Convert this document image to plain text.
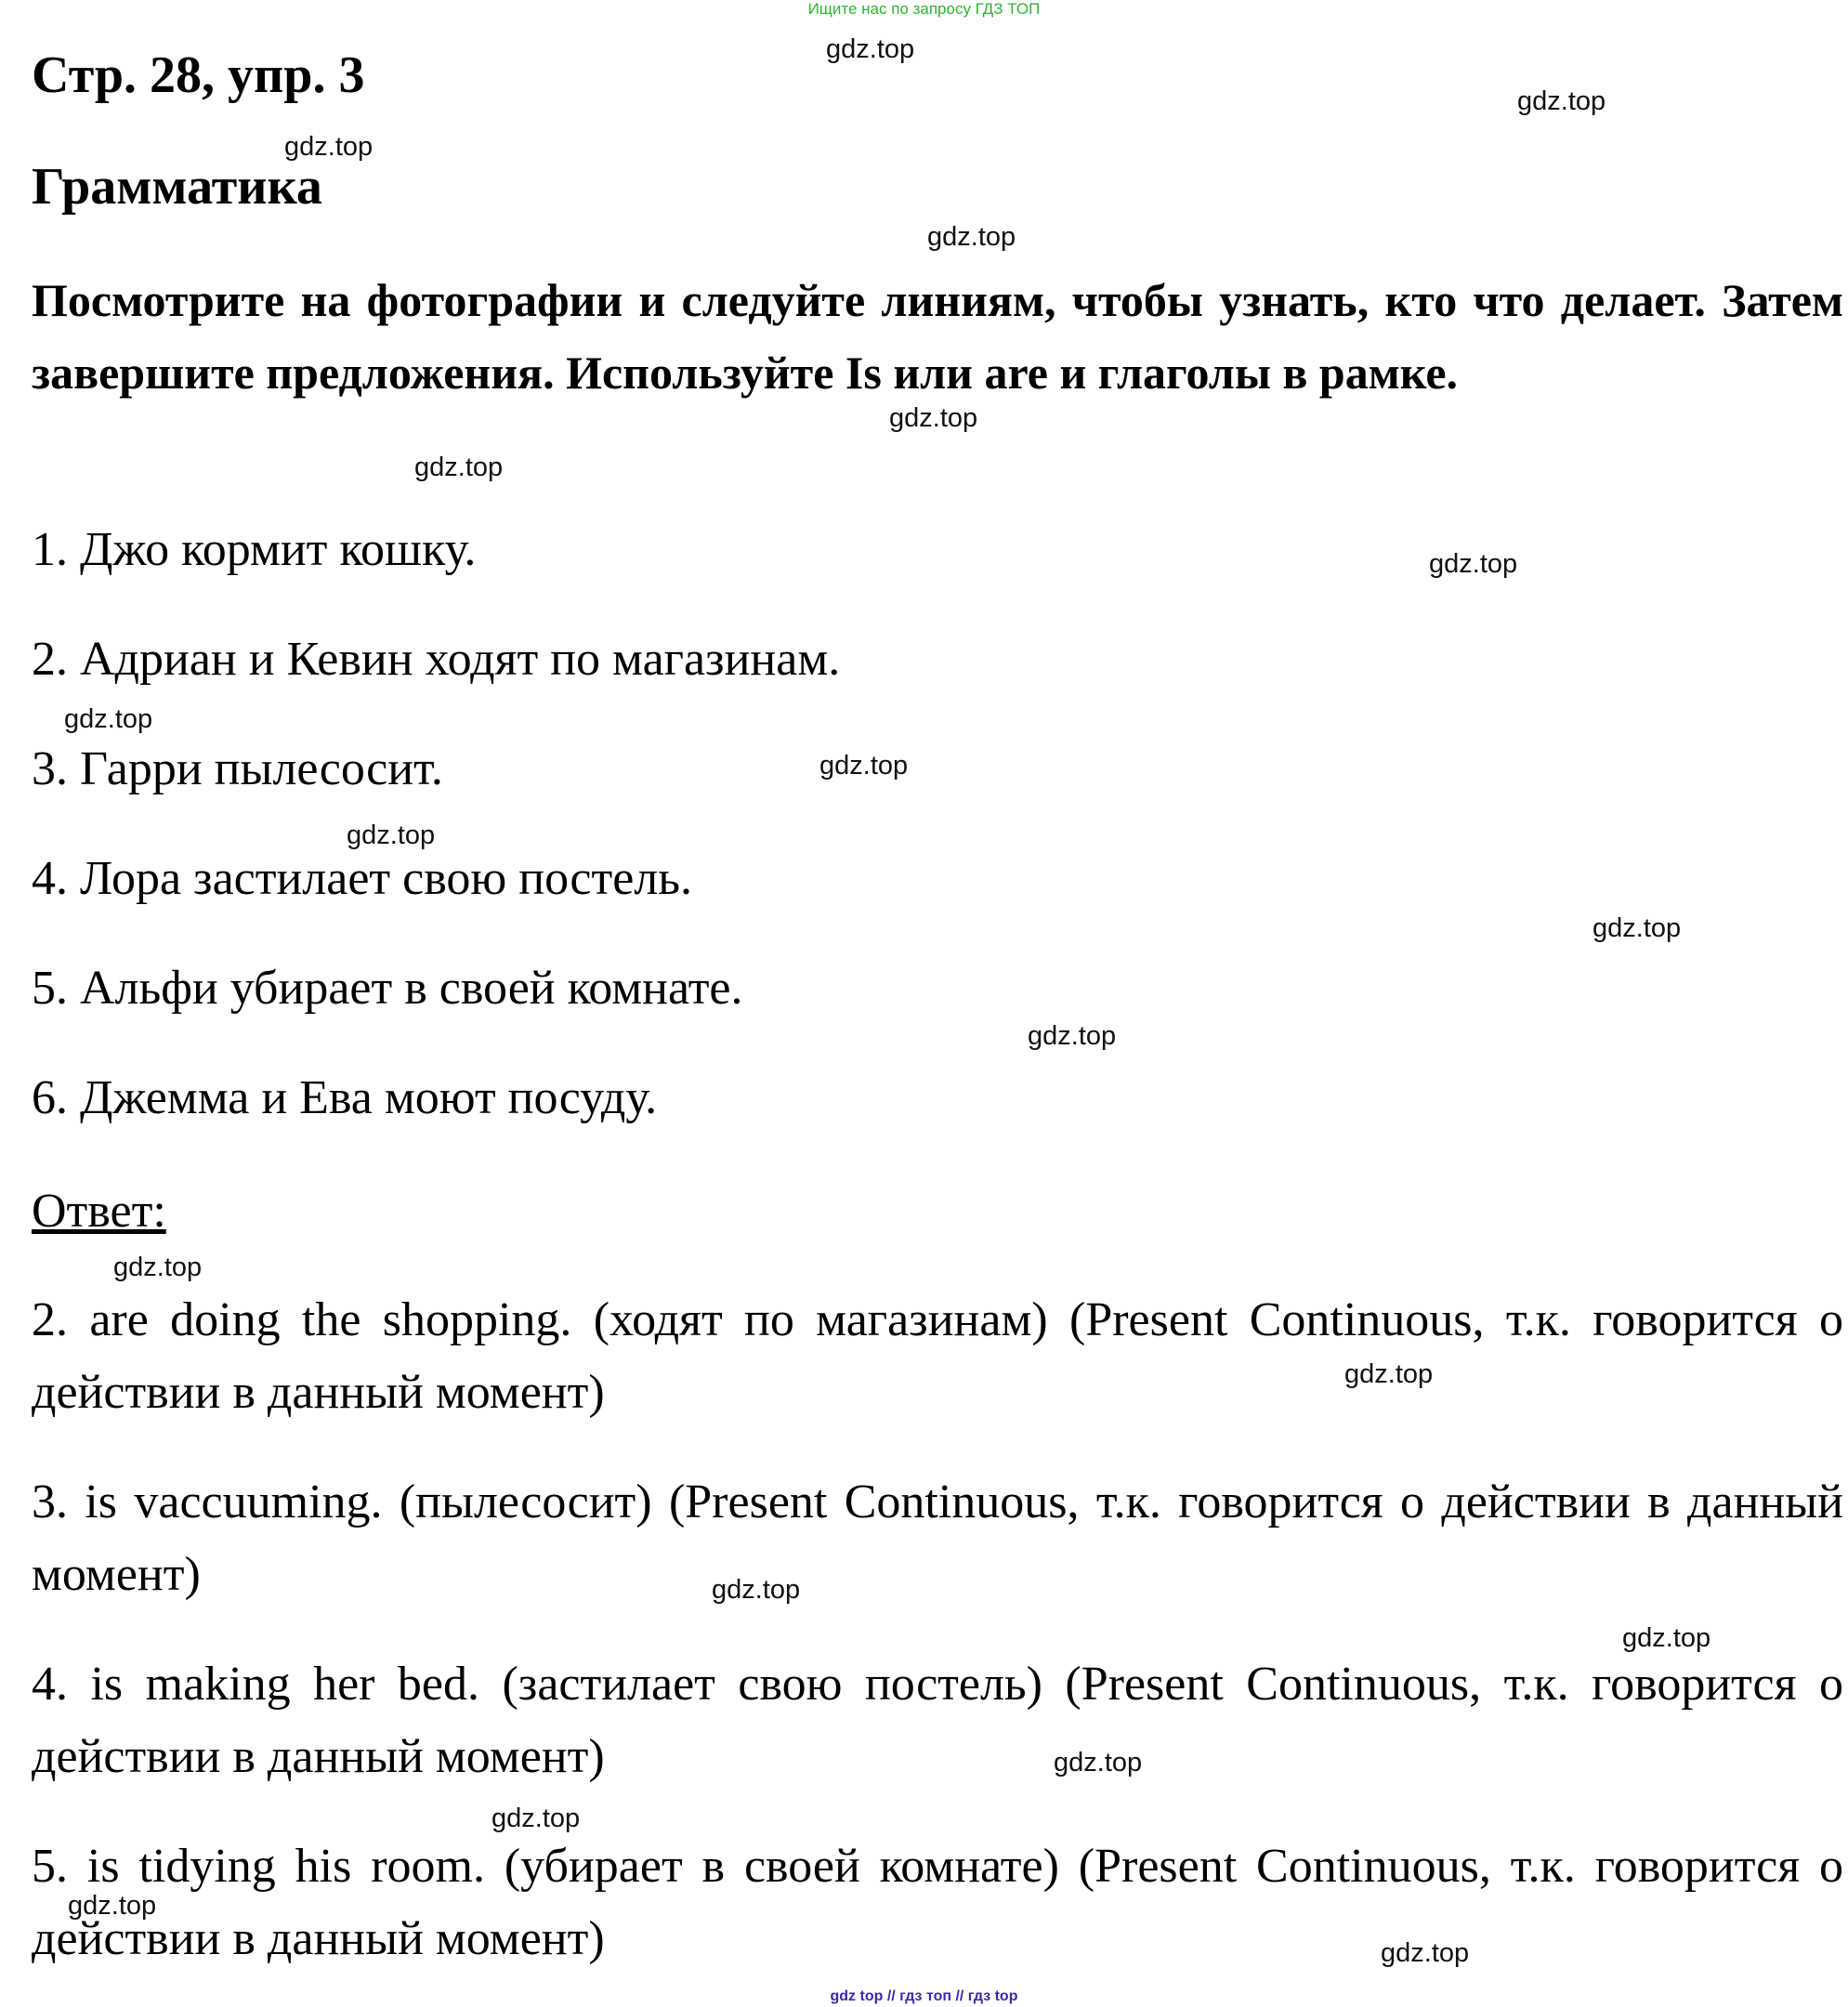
Ищите нас по запросу ГДЗ ТОП
Стр. 28, упр. 3
Грамматика
Посмотрите на фотографии и следуйте линиям, чтобы узнать, кто что делает. Затем завершите предложения. Используйте Is или are и глаголы в рамке.
1. Джо кормит кошку.
2. Адриан и Кевин ходят по магазинам.
3. Гарри пылесосит.
4. Лора застилает свою постель.
5. Альфи убирает в своей комнате.
6. Джемма и Ева моют посуду.
Ответ:
2. are doing the shopping. (ходят по магазинам) (Present Continuous, т.к. говорится о действии в данный момент)
3. is vaccuuming. (пылесосит) (Present Continuous, т.к. говорится о действии в данный момент)
4. is making her bed. (застилает свою постель) (Present Continuous, т.к. говорится о действии в данный момент)
5. is tidying his room. (убирает в своей комнате) (Present Continuous, т.к. говорится о действии в данный момент)
gdz.top
gdz.top
gdz.top
gdz.top
gdz.top
gdz.top
gdz.top
gdz.top
gdz.top
gdz.top
gdz.top
gdz.top
gdz.top
gdz.top
gdz.top
gdz.top
gdz.top
gdz.top
gdz.top
gdz.top
gdz top // гдз топ // гдз top
